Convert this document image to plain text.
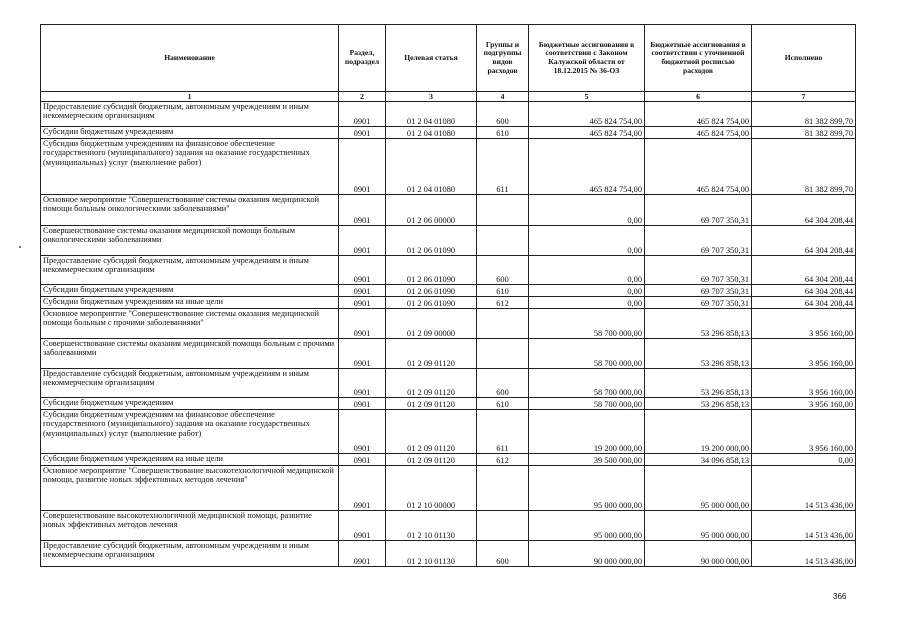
Наименование	Раздел, подраздел	Целевая статья	Группы и подгруппы видов расходов	Бюджетные ассигнования в соответствии с Законом Калужской области от 18.12.2015 № 36-ОЗ	Бюджетные ассигнования в соответствии с уточненной бюджетной росписью расходов	Исполнено
1	2	3	4	5	6	7
Предоставление субсидий бюджетным, автономным учреждениям и иным некоммерческим организациям	0901	01 2 04 01080	600	465 824 754,00	465 824 754,00	81 382 899,70
Субсидии бюджетным учреждениям	0901	01 2 04 01080	610	465 824 754,00	465 824 754,00	81 382 899,70
Субсидии бюджетным учреждениям на финансовое обеспечение государственного (муниципального) задания на оказание государственных (муниципальных) услуг (выполнение работ)	0901	01 2 04 01080	611	465 824 754,00	465 824 754,00	81 382 899,70
Основное мероприятие "Совершенствование системы оказания медицинской помощи больным онкологическими заболеваниями"	0901	01 2 06 00000		0,00	69 707 350,31	64 304 208,44
Совершенствование системы оказания медицинской помощи больным онкологическими заболеваниями	0901	01 2 06 01090		0,00	69 707 350,31	64 304 208,44
Предоставление субсидий бюджетным, автономным учреждениям и иным некоммерческим организациям	0901	01 2 06 01090	600	0,00	69 707 350,31	64 304 208,44
Субсидии бюджетным учреждениям	0901	01 2 06 01090	610	0,00	69 707 350,31	64 304 208,44
Субсидии бюджетным учреждениям на иные цели	0901	01 2 06 01090	612	0,00	69 707 350,31	64 304 208,44
Основное мероприятие "Совершенствование системы оказания медицинской помощи больным с прочими заболеваниями"	0901	01 2 09 00000		58 700 000,00	53 296 858,13	3 956 160,00
Совершенствование системы оказания медицинской помощи больным с прочими заболеваниями	0901	01 2 09 01120		58 700 000,00	53 296 858,13	3 956 160,00
Предоставление субсидий бюджетным, автономным учреждениям и иным некоммерческим организациям	0901	01 2 09 01120	600	58 700 000,00	53 296 858,13	3 956 160,00
Субсидии бюджетным учреждениям	0901	01 2 09 01120	610	58 700 000,00	53 296 858,13	3 956 160,00
Субсидии бюджетным учреждениям на финансовое обеспечение государственного (муниципального) задания на оказание государственных (муниципальных) услуг (выполнение работ)	0901	01 2 09 01120	611	19 200 000,00	19 200 000,00	3 956 160,00
Субсидии бюджетным учреждениям на иные цели	0901	01 2 09 01120	612	39 500 000,00	34 096 858,13	0,00
Основное мероприятие "Совершенствование высокотехнологичной медицинской помощи, развитие новых эффективных методов лечения"	0901	01 2 10 00000		95 000 000,00	95 000 000,00	14 513 436,00
Совершенствование высокотехнологичной медицинской помощи, развитие новых эффективных методов лечения	0901	01 2 10 01130		95 000 000,00	95 000 000,00	14 513 436,00
Предоставление субсидий бюджетным, автономным учреждениям и иным некоммерческим организациям	0901	01 2 10 01130	600	90 000 000,00	90 000 000,00	14 513 436,00
366
